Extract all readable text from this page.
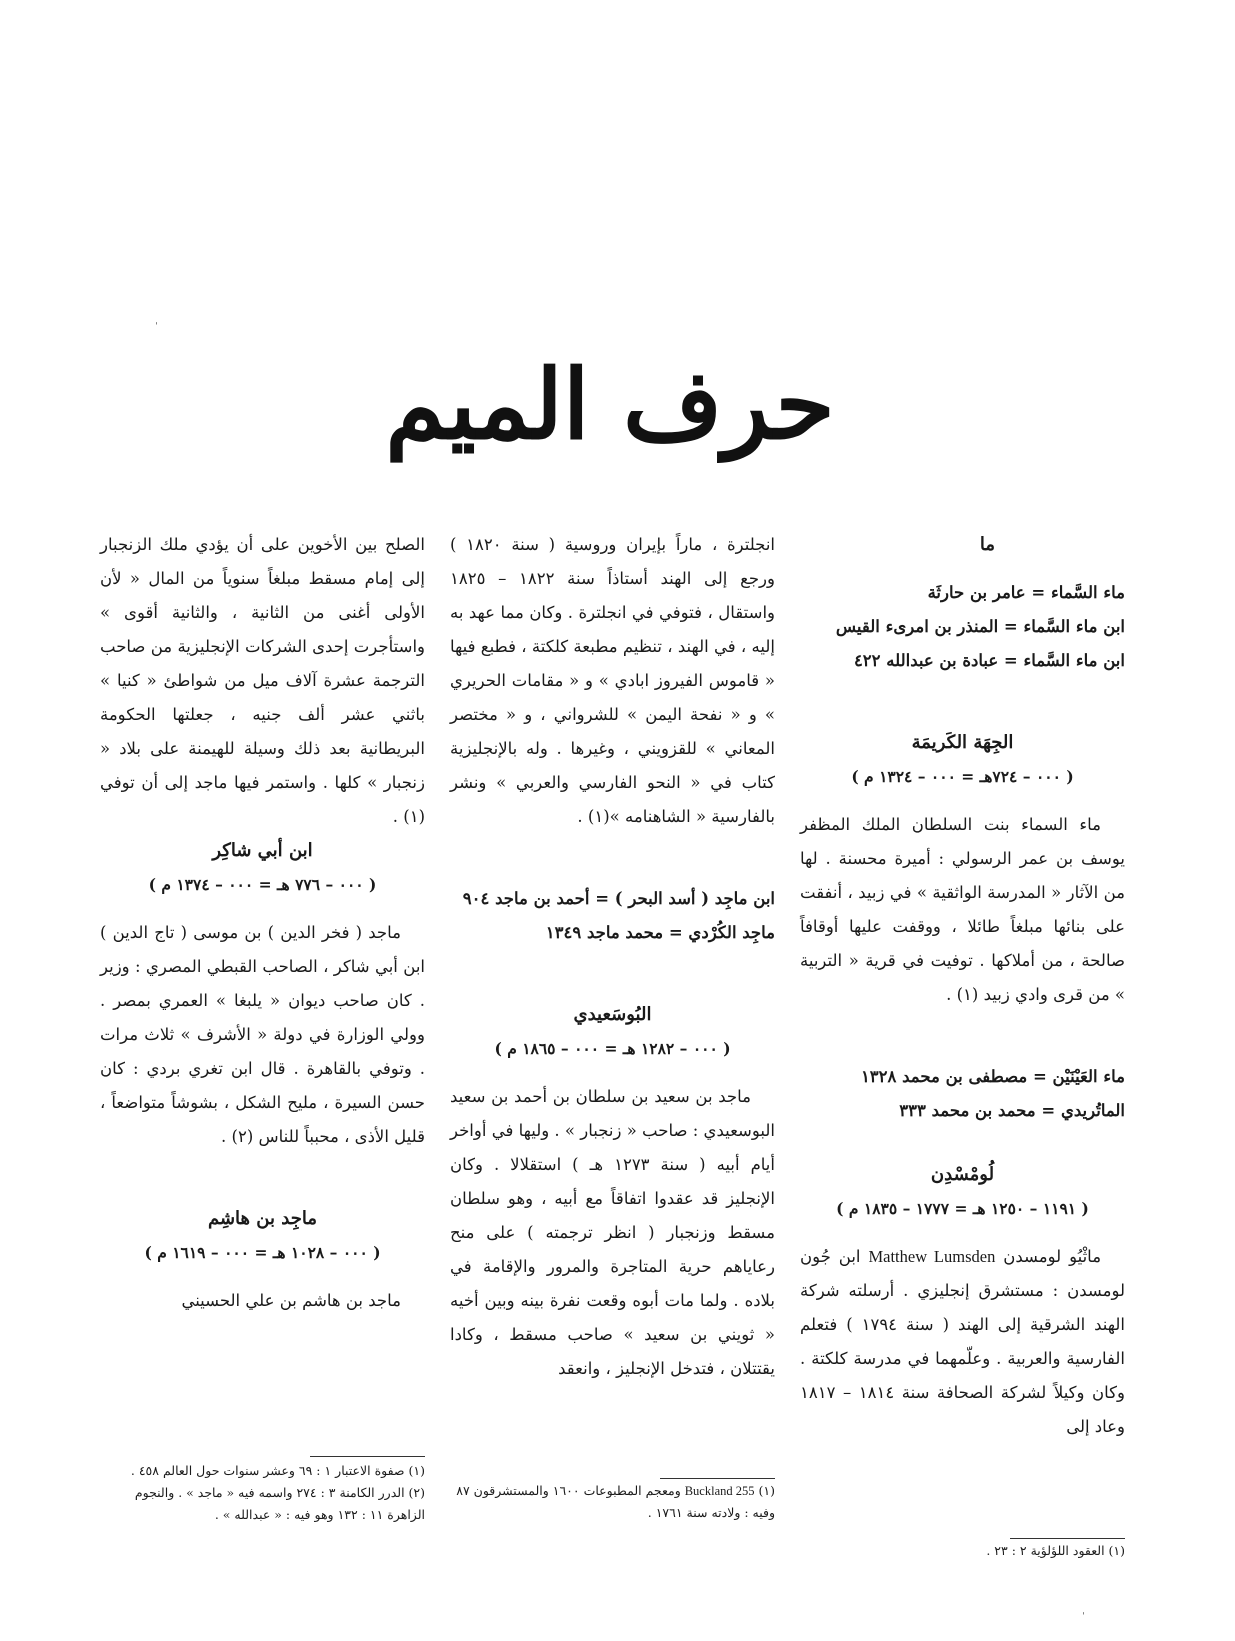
ˈ
ˈ
حرف الميم

ما

ماء السَّماء = عامر بن حارثَة

ابن ماء السَّماء = المنذر بن امرىء القيس

ابن ماء السَّماء = عبادة بن عبدالله ٤٢٢

الجِهَة الكَريمَة

( ٠٠٠ – ٧٢٤هـ = ٠٠٠ – ١٣٢٤ م )

ماء السماء بنت السلطان الملك المظفر يوسف بن عمر الرسولي : أميرة محسنة . لها من الآثار « المدرسة الواثقية » في زبيد ، أنفقت على بنائها مبلغاً طائلا ، ووقفت عليها أوقافاً صالحة ، من أملاكها . توفيت في قرية « التربية » من قرى وادي زبيد (١) .

ماء العَيْنَيْن = مصطفى بن محمد ١٣٢٨

الماتُريدي = محمد بن محمد ٣٣٣

لُومْسْدِن

( ١١٩١ – ١٢٥٠ هـ = ١٧٧٧ – ١٨٣٥ م )

ماثْيُو لومسدن Matthew Lumsden ابن جُون لومسدن : مستشرق إنجليزي . أرسلته شركة الهند الشرقية إلى الهند ( سنة ١٧٩٤ ) فتعلم الفارسية والعربية . وعلّمهما في مدرسة كلكتة . وكان وكيلاً لشركة الصحافة سنة ١٨١٤ – ١٨١٧ وعاد إلى

انجلترة ، ماراً بإيران وروسية ( سنة ١٨٢٠ ) ورجع إلى الهند أستاذاً سنة ١٨٢٢ – ١٨٢٥ واستقال ، فتوفي في انجلترة . وكان مما عهد به إليه ، في الهند ، تنظيم مطبعة كلكتة ، فطبع فيها « قاموس الفيروز ابادي » و « مقامات الحريري » و « نفحة اليمن » للشرواني ، و « مختصر المعاني » للقزويني ، وغيرها . وله بالإنجليزية كتاب في « النحو الفارسي والعربي » ونشر بالفارسية « الشاهنامه »(١) .

ابن ماجِد ( أسد البحر ) = أحمد بن ماجد ٩٠٤

ماجِد الكُرْدي = محمد ماجد ١٣٤٩

البُوسَعيدي

( ٠٠٠ – ١٢٨٢ هـ = ٠٠٠ – ١٨٦٥ م )

ماجد بن سعيد بن سلطان بن أحمد بن سعيد البوسعيدي : صاحب « زنجبار » . وليها في أواخر أيام أبيه ( سنة ١٢٧٣ هـ ) استقلالا . وكان الإنجليز قد عقدوا اتفاقاً مع أبيه ، وهو سلطان مسقط وزنجبار ( انظر ترجمته ) على منح رعاياهم حرية المتاجرة والمرور والإقامة في بلاده . ولما مات أبوه وقعت نفرة بينه وبين أخيه « ثويني بن سعيد » صاحب مسقط ، وكادا يقتتلان ، فتدخل الإنجليز ، وانعقد

الصلح بين الأخوين على أن يؤدي ملك الزنجبار إلى إمام مسقط مبلغاً سنوياً من المال « لأن الأولى أغنى من الثانية ، والثانية أقوى » واستأجرت إحدى الشركات الإنجليزية من صاحب الترجمة عشرة آلاف ميل من شواطئ « كنيا » باثني عشر ألف جنيه ، جعلتها الحكومة البريطانية بعد ذلك وسيلة للهيمنة على بلاد « زنجبار » كلها . واستمر فيها ماجد إلى أن توفي (١) .

ابن أبي شاكِر

( ٠٠٠ – ٧٧٦ هـ = ٠٠٠ – ١٣٧٤ م )

ماجد ( فخر الدين ) بن موسى ( تاج الدين ) ابن أبي شاكر ، الصاحب القبطي المصري : وزير . كان صاحب ديوان « يلبغا » العمري بمصر . وولي الوزارة في دولة « الأشرف » ثلاث مرات . وتوفي بالقاهرة . قال ابن تغري بردي : كان حسن السيرة ، مليح الشكل ، بشوشاً متواضعاً ، قليل الأذى ، محبباً للناس (٢) .

ماجِد بن هاشِم

( ٠٠٠ – ١٠٢٨ هـ = ٠٠٠ – ١٦١٩ م )

ماجد بن هاشم بن علي الحسيني

(١) العقود اللؤلؤية ٢ : ٢٣ .
(١) Buckland 255 ومعجم المطبوعات ١٦٠٠ والمستشرقون ٨٧ وفيه : ولادته سنة ١٧٦١ .
(١) صفوة الاعتبار ١ : ٦٩ وعشر سنوات حول العالم ٤٥٨ .
(٢) الدرر الكامنة ٣ : ٢٧٤ واسمه فيه « ماجد » . والنجوم الزاهرة ١١ : ١٣٢ وهو فيه : « عبدالله » .
